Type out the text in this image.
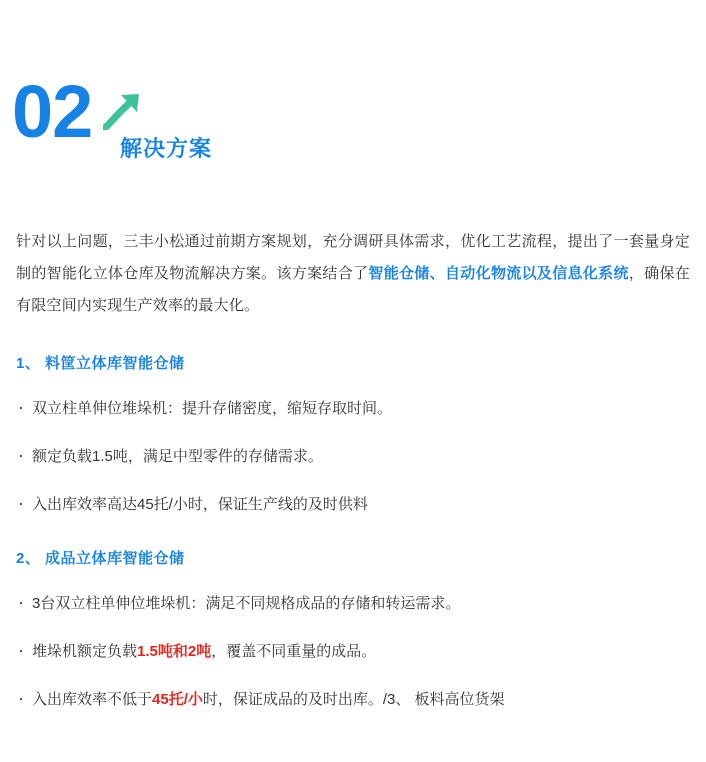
02 解决方案

针对以上问题，三丰小松通过前期方案规划，充分调研具体需求，优化工艺流程，提出了一套量身定制的智能化立体仓库及物流解决方案。该方案结合了智能仓储、自动化物流以及信息化系统，确保在有限空间内实现生产效率的最大化。

1、 料筐立体库智能仓储
· 双立柱单伸位堆垛机：提升存储密度，缩短存取时间。
· 额定负载1.5吨，满足中型零件的存储需求。
· 入出库效率高达45托/小时，保证生产线的及时供料
2、 成品立体库智能仓储
· 3台双立柱单伸位堆垛机：满足不同规格成品的存储和转运需求。
· 堆垛机额定负载1.5吨和2吨，覆盖不同重量的成品。
· 入出库效率不低于45托/小时，保证成品的及时出库。/3、 板料高位货架
